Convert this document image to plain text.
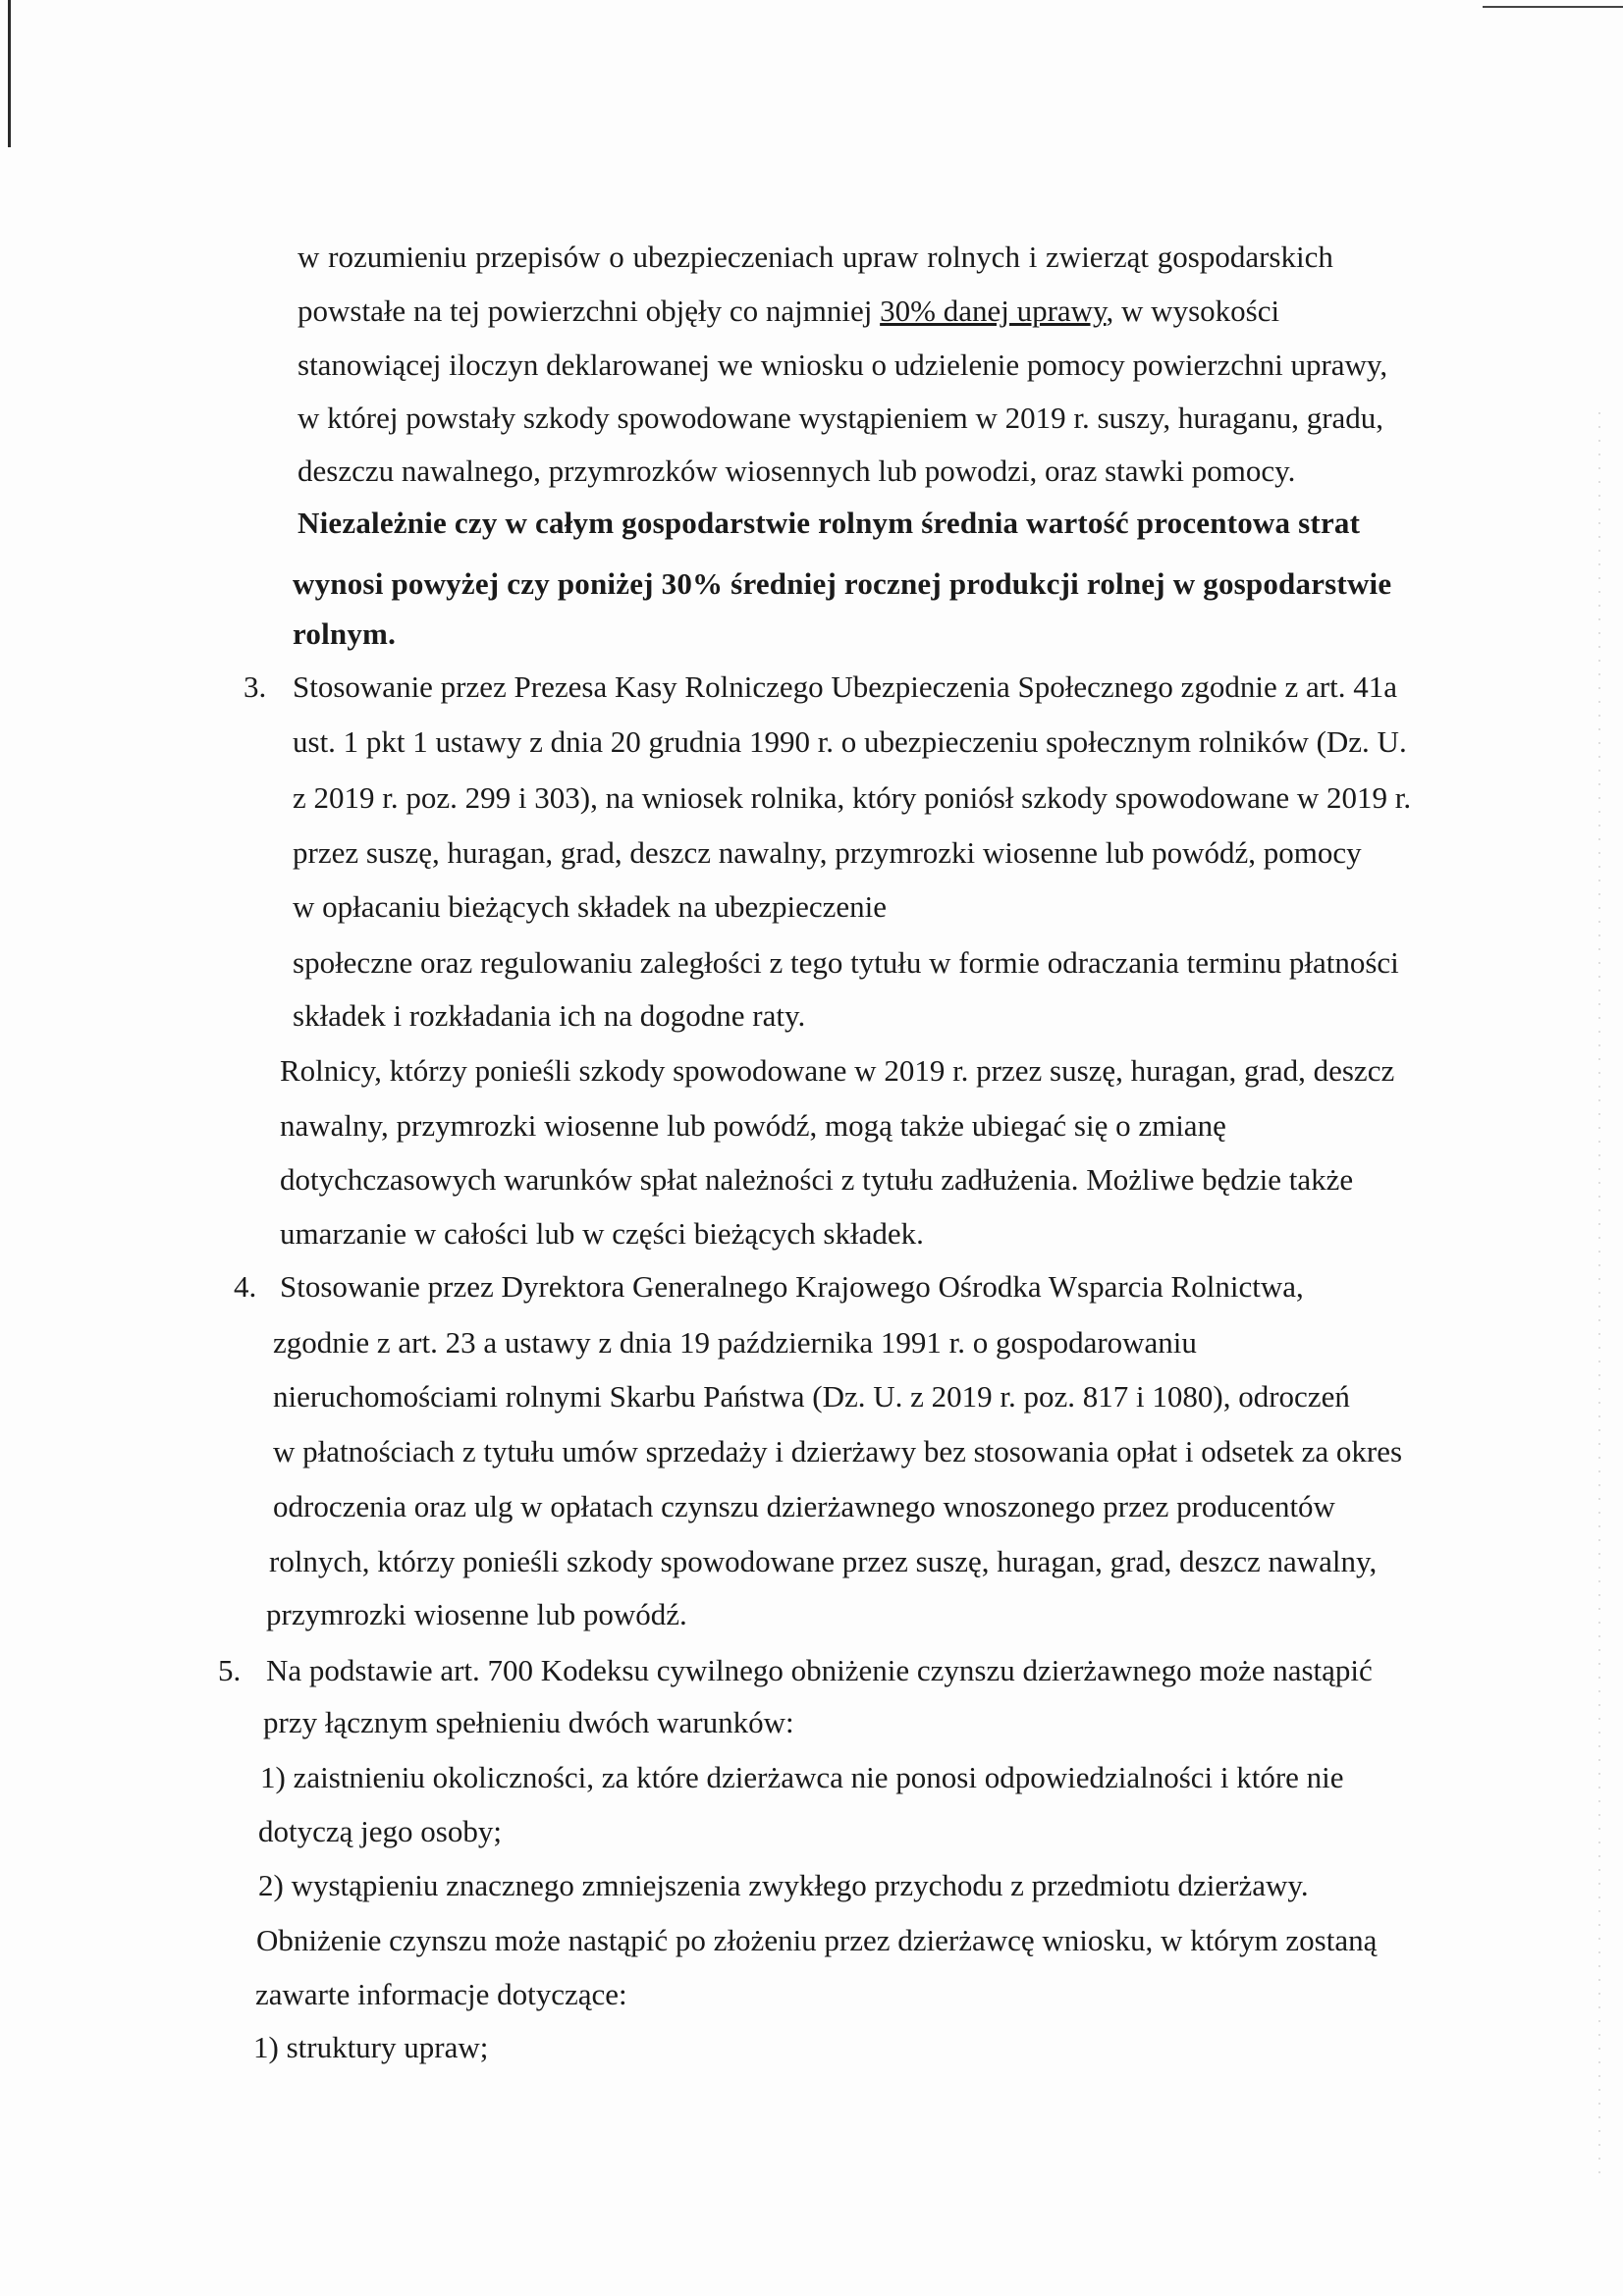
w rozumieniu przepisów o ubezpieczeniach upraw rolnych i zwierząt gospodarskich
powstałe na tej powierzchni objęły co najmniej 30% danej uprawy, w wysokości
stanowiącej iloczyn deklarowanej we wniosku o udzielenie pomocy powierzchni uprawy,
w której powstały szkody spowodowane wystąpieniem w 2019 r. suszy, huraganu, gradu,
deszczu nawalnego, przymrozków wiosennych lub powodzi, oraz stawki pomocy.
Niezależnie czy w całym gospodarstwie rolnym średnia wartość procentowa strat
wynosi powyżej czy poniżej 30% średniej rocznej produkcji rolnej w gospodarstwie
rolnym.
3. Stosowanie przez Prezesa Kasy Rolniczego Ubezpieczenia Społecznego zgodnie z art. 41a
ust. 1 pkt 1 ustawy z dnia 20 grudnia 1990 r. o ubezpieczeniu społecznym rolników (Dz. U.
z 2019 r. poz. 299 i 303), na wniosek rolnika, który poniósł szkody spowodowane w 2019 r.
przez suszę, huragan, grad, deszcz nawalny, przymrozki wiosenne lub powódź, pomocy
w opłacaniu bieżących składek na ubezpieczenie
społeczne oraz regulowaniu zaległości z tego tytułu w formie odraczania terminu płatności
składek i rozkładania ich na dogodne raty.
Rolnicy, którzy ponieśli szkody spowodowane w 2019 r. przez suszę, huragan, grad, deszcz
nawalny, przymrozki wiosenne lub powódź, mogą także ubiegać się o zmianę
dotychczasowych warunków spłat należności z tytułu zadłużenia. Możliwe będzie także
umarzanie w całości lub w części bieżących składek.
4. Stosowanie przez Dyrektora Generalnego Krajowego Ośrodka Wsparcia Rolnictwa,
zgodnie z art. 23 a ustawy z dnia 19 października 1991 r. o gospodarowaniu
nieruchomościami rolnymi Skarbu Państwa (Dz. U. z 2019 r. poz. 817 i 1080), odroczeń
w płatnościach z tytułu umów sprzedaży i dzierżawy bez stosowania opłat i odsetek za okres
odroczenia oraz ulg w opłatach czynszu dzierżawnego wnoszonego przez producentów
rolnych, którzy ponieśli szkody spowodowane przez suszę, huragan, grad, deszcz nawalny,
przymrozki wiosenne lub powódź.
5. Na podstawie art. 700 Kodeksu cywilnego obniżenie czynszu dzierżawnego może nastąpić
przy łącznym spełnieniu dwóch warunków:
1) zaistnieniu okoliczności, za które dzierżawca nie ponosi odpowiedzialności i które nie
dotyczą jego osoby;
2) wystąpieniu znacznego zmniejszenia zwykłego przychodu z przedmiotu dzierżawy.
Obniżenie czynszu może nastąpić po złożeniu przez dzierżawcę wniosku, w którym zostaną
zawarte informacje dotyczące:
1) struktury upraw;
